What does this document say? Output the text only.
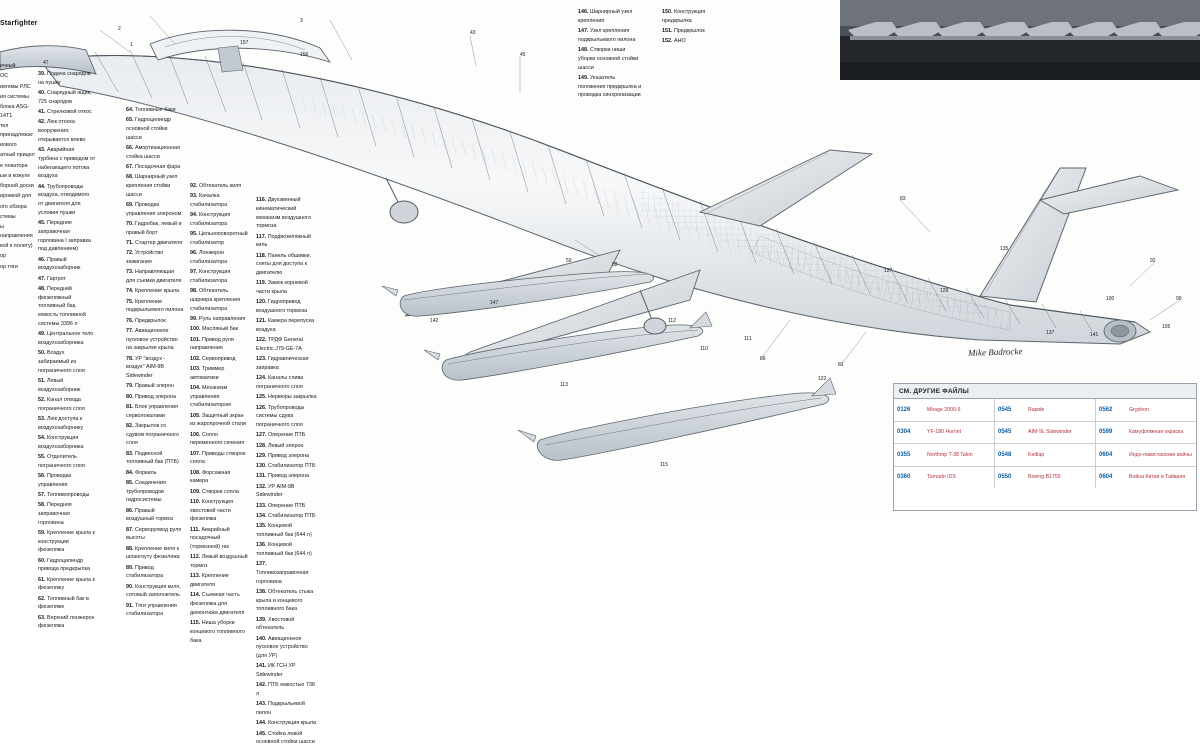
Starfighter
Mike Badrocke
ечный
ОС
иегемы РЛС
ия системы
блока ASG-14T1
тел принадлежат
иового
атный прицел
е локатора
ыи в кожухе
борной доски
ировкой для
ого обзора
стемы
ы направления
кой к полету)
ор
ор тяги
39. Подача снарядов на пушку
40. Снарядный ящик, 725 снарядов
41. Стрелковой откос
42. Люк отсека вооружения, открывается влево
43. Аварийная турбина с приводом от набегающего потока воздуха
44. Трубопроводы воздуха, отводимого от двигателя для условия пушки
45. Передняя заправочная горловина I заправка под давлением)
46. Правый воздухозаборник
47. Гаргрот
48. Передний фюзеляжный топливный бак, емкость топливной системы 3396 л
49. Центральное тело воздухозаборника
50. Воздух забираемый из пограничного слоя
51. Левый воздухозаборник
52. Канал отвода пограничного слоя
53. Люк доступа к воздухозаборнику
54. Конструкция воздухозаборника
55. Отделитель пограничного слоя
56. Проводка управления
57. Топливопроводы
58. Передняя заправочная горловина
59. Крепление крыла к конструкции фюзеляжа
60. Гидроцилиндр привода предкрылка
61. Крепление крыла к фюзеляжу
62. Топливный бак в фюзеляже
63. Верхний лонжерон фюзеляжа
64. Топливные баки
65. Гидроцилиндр основной стойки шасси
66. Амортизационная стойка шасси
67. Посадочная фара
68. Шарнирный узел крепления стойки шасси
69. Проводка управления элероном
70. Гидробак, левый и правый борт
71. Стартер двигателя
72. Устройство зажигания
73. Направляющая для съемки двигателя
74. Крепление крыла
75. Крепление подкрыльевого пилона
76. Предкрылок
77. Авиационное пусковое устройство на закрылке крыла
78. УР "воздух - воздух" AIM-9B Sidewinder
79. Правый элерон
80. Привод элерона
81. Блок управления серволокалами
82. Закрылок со сдувом пограничного слоя
83. Подвесной топливный бак (ПТБ)
84. Форкиль
85. Соединения трубопроводов гидросистемы
86. Правый воздушный тормоз
87. Серворупвод руля высоты
88. Крепление киля к шпангоуту фюзеляжа
89. Привод стабилизатора
90. Конструкция киля, сотовый заполнитель
91. Тяги управления стабилизатора
92. Обтекатель киля
93. Качалка стабилизатора
94. Конструкция стабилизатора
95. Цельноповоротный стабилизатор
96. Лонжерон стабилизатора
97. Конструкция стабилизатора
98. Обтекатель шарнира крепления стабилизатора
99. Руль направления
100. Масляный бак
101. Привод руля направления
102. Сервопривод
103. Триммер автоматики
104. Механизм управления стабилизатором
105. Защитный экран из жаропрочной стали
106. Сопло переменного сечения
107. Приводы створок сопла
108. Форсажная камера
109. Створки сопла
110. Конструкция хвостовой части фюзеляжа
111. Аварийный посадочный (тормозной) гак
112. Левый воздушный тормоз
113. Крепление двигателя
114. Съемная часть фюзеляжа для демонтажа двигателя
115. Ниша уборки концевого топливного бака
116. Двухзвенный кинематический механизм воздушного тормоза
117. Подфюзеляжный киль
118. Панель обшивки, сняты для доступа к двигателю
119. Замок корневой части крыла
120. Гидропривод воздушного тормоза
121. Камера перепуска воздуха
122. ТРДФ General Electric J79-GE-7A
123. Гидравлическая заправка
124. Каналы слива пограничного слоя
125. Нервюры закрылка
126. Трубопроводы системы сдува пограничного слоя
127. Оперение ПТБ
128. Левый элерон
129. Привод элерона
130. Стабилизатор ПТБ
131. Привод элерона
132. УР AIM-9B Sidewinder
133. Оперение ПТБ
134. Стабилизатор ПТБ
135. Концевой топливный бак (644 л)
136. Концевой топливный бак (644 л)
137. Топливозаправочная горловина
138. Обтекатель стыка крыла и концевого топливного бака
139. Хвостовой обтекатель
140. Авиационное пусковое устройство (для УР)
141. ИК ГСН УР Sidewinder
142. ПТБ емкостью 738 л
143. Подкрыльевой пилон
144. Конструкция крыла
145. Стойка левой основной стойки шасси
146. Шарнирный узел крепления
147. Узел крепления подкрыльевого пилона
148. Створки ниши уборки основной стойки шасси
149. Указатель положения предкрылка и проводка синхронизации
150. Конструкция предкрылка
151. Предкрылок
152. АНО
СМ. ДРУГИЕ ФАЙЛЫ
0126	Mirage 2000-5	0545	Rapide	0562	Gryphon
0304	YF-180 Hornet	0545	AIM-9L Sidewinder	0599	Камуфляжная окраска
0355	Northrop T-38 Talon	0548	Kedlap	0604	Индо-пакистанские войны
0360	Tornado IDS	0550	Boeing B1755	0604	Война Китая и Тайваня
1
2
3
43
45
47
59
62
66
81
83
92
99
100
105
110
111
112
113
115
123
127
129
135
137	141
142
147
156
157
